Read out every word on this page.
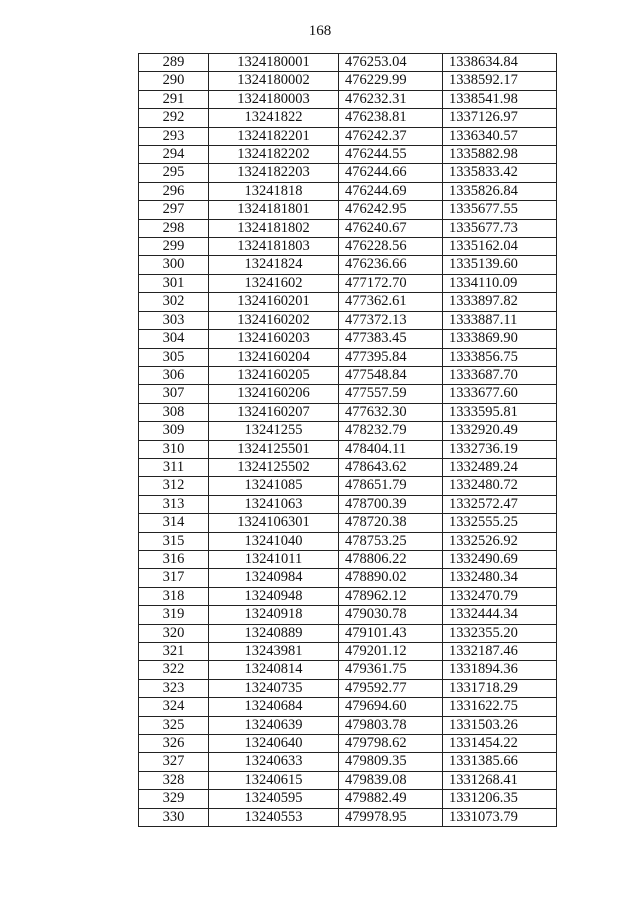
168
289	1324180001	476253.04	1338634.84
290	1324180002	476229.99	1338592.17
291	1324180003	476232.31	1338541.98
292	13241822	476238.81	1337126.97
293	1324182201	476242.37	1336340.57
294	1324182202	476244.55	1335882.98
295	1324182203	476244.66	1335833.42
296	13241818	476244.69	1335826.84
297	1324181801	476242.95	1335677.55
298	1324181802	476240.67	1335677.73
299	1324181803	476228.56	1335162.04
300	13241824	476236.66	1335139.60
301	13241602	477172.70	1334110.09
302	1324160201	477362.61	1333897.82
303	1324160202	477372.13	1333887.11
304	1324160203	477383.45	1333869.90
305	1324160204	477395.84	1333856.75
306	1324160205	477548.84	1333687.70
307	1324160206	477557.59	1333677.60
308	1324160207	477632.30	1333595.81
309	13241255	478232.79	1332920.49
310	1324125501	478404.11	1332736.19
311	1324125502	478643.62	1332489.24
312	13241085	478651.79	1332480.72
313	13241063	478700.39	1332572.47
314	1324106301	478720.38	1332555.25
315	13241040	478753.25	1332526.92
316	13241011	478806.22	1332490.69
317	13240984	478890.02	1332480.34
318	13240948	478962.12	1332470.79
319	13240918	479030.78	1332444.34
320	13240889	479101.43	1332355.20
321	13243981	479201.12	1332187.46
322	13240814	479361.75	1331894.36
323	13240735	479592.77	1331718.29
324	13240684	479694.60	1331622.75
325	13240639	479803.78	1331503.26
326	13240640	479798.62	1331454.22
327	13240633	479809.35	1331385.66
328	13240615	479839.08	1331268.41
329	13240595	479882.49	1331206.35
330	13240553	479978.95	1331073.79
